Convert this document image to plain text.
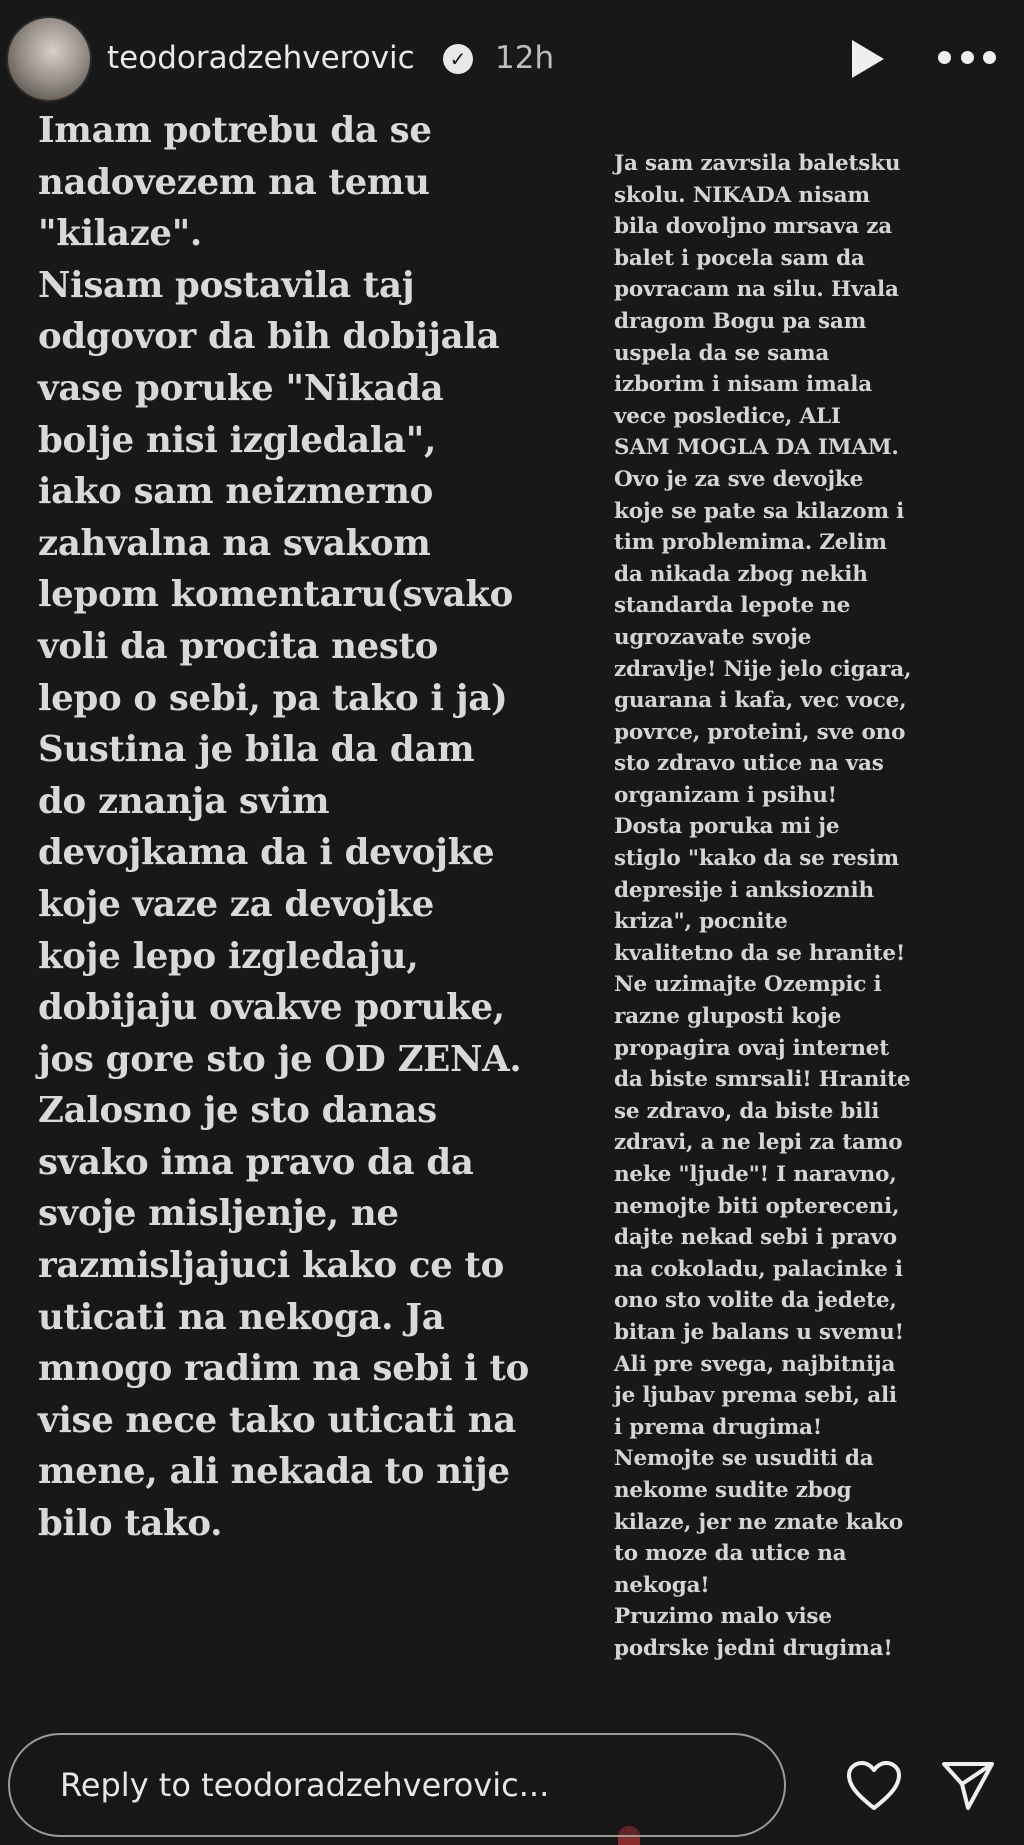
teodoradzehverovic	✓ 12h
Imam potrebu da se
nadovezem na temu
"kilaze".
Nisam postavila taj
odgovor da bih dobijala
vase poruke "Nikada
bolje nisi izgledala",
iako sam neizmerno
zahvalna na svakom
lepom komentaru(svako
voli da procita nesto
lepo o sebi, pa tako i ja)
Sustina je bila da dam
do znanja svim
devojkama da i devojke
koje vaze za devojke
koje lepo izgledaju,
dobijaju ovakve poruke,
jos gore sto je OD ZENA.
Zalosno je sto danas
svako ima pravo da da
svoje misljenje, ne
razmisljajuci kako ce to
uticati na nekoga. Ja
mnogo radim na sebi i to
vise nece tako uticati na
mene, ali nekada to nije
bilo tako.
Ja sam zavrsila baletsku
skolu. NIKADA nisam
bila dovoljno mrsava za
balet i pocela sam da
povracam na silu. Hvala
dragom Bogu pa sam
uspela da se sama
izborim i nisam imala
vece posledice, ALI
SAM MOGLA DA IMAM.
Ovo je za sve devojke
koje se pate sa kilazom i
tim problemima. Zelim
da nikada zbog nekih
standarda lepote ne
ugrozavate svoje
zdravlje! Nije jelo cigara,
guarana i kafa, vec voce,
povrce, proteini, sve ono
sto zdravo utice na vas
organizam i psihu!
Dosta poruka mi je
stiglo "kako da se resim
depresije i anksioznih
kriza", pocnite
kvalitetno da se hranite!
Ne uzimajte Ozempic i
razne gluposti koje
propagira ovaj internet
da biste smrsali! Hranite
se zdravo, da biste bili
zdravi, a ne lepi za tamo
neke "ljude"! I naravno,
nemojte biti optereceni,
dajte nekad sebi i pravo
na cokoladu, palacinke i
ono sto volite da jedete,
bitan je balans u svemu!
Ali pre svega, najbitnija
je ljubav prema sebi, ali
i prema drugima!
Nemojte se usuditi da
nekome sudite zbog
kilaze, jer ne znate kako
to moze da utice na
nekoga!
Pruzimo malo vise
podrske jedni drugima!
Reply to teodoradzehverovic...
